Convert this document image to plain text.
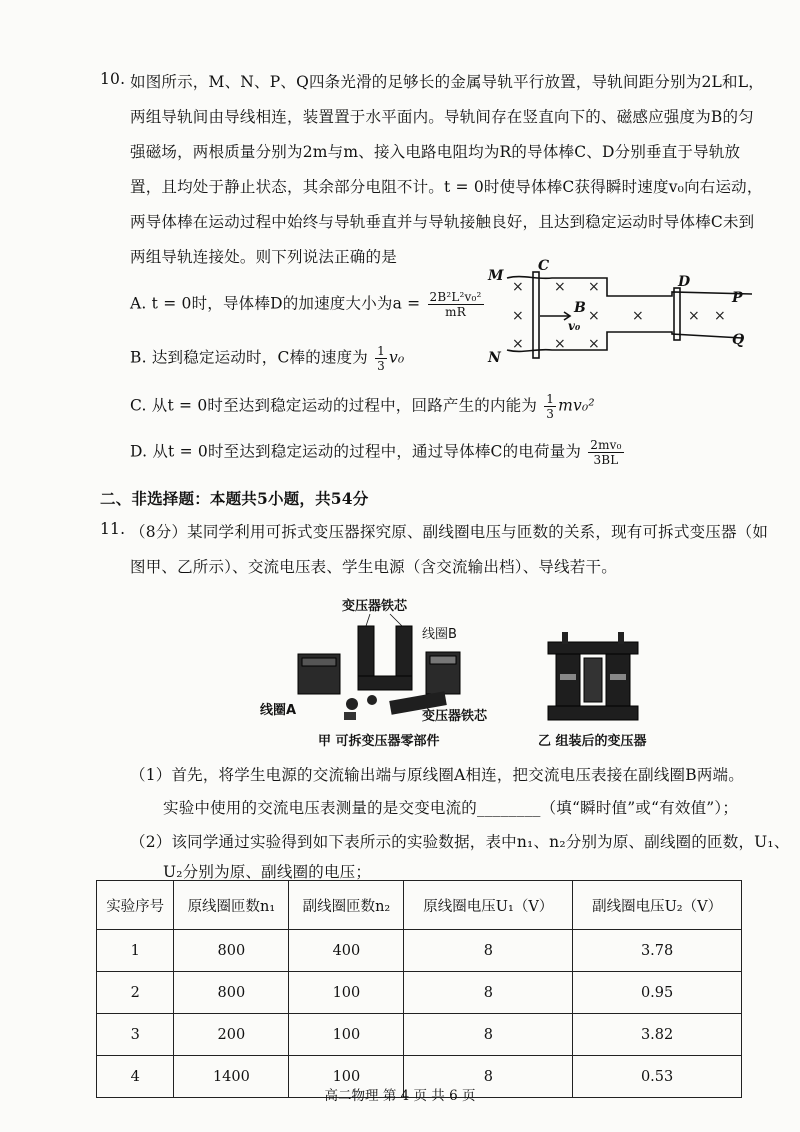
10. 如图所示，M、N、P、Q四条光滑的足够长的金属导轨平行放置，导轨间距分别为2L和L，
两组导轨间由导线相连，装置置于水平面内。导轨间存在竖直向下的、磁感应强度为B的匀
强磁场，两根质量分别为2m与m、接入电路电阻均为R的导体棒C、D分别垂直于导轨放
置，且均处于静止状态，其余部分电阻不计。t = 0时使导体棒C获得瞬时速度v₀向右运动，
两导体棒在运动过程中始终与导轨垂直并与导轨接触良好，且达到稳定运动时导体棒C未到
两组导轨连接处。则下列说法正确的是
A. t = 0时，导体棒D的加速度大小为$a = \frac{\text{2B²L²v₀²}}{mR}$
B. 达到稳定运动时，C棒的速度为 $\frac{1}{3} v_0$
C. 从t = 0时至达到稳定运动的过程中，回路产生的内能为 $\frac{1}{3} mv_0^2$
D. 从t = 0时至达到稳定运动的过程中，通过导体棒C的电荷量为 $\frac{\text{2mv₀}}{3BL}$
M
N
C
B
v₀
D
P
Q
×
×
×
×
×
×
×
×
×	× ×
二、非选择题：本题共5小题，共54分
11. （8分）某同学利用可拆式变压器探究原、副线圈电压与匝数的关系，现有可拆式变压器（如
图甲、乙所示）、交流电压表、学生电源（含交流输出档）、导线若干。
变压器铁芯
线圈B
线圈A	变压器铁芯
甲 可拆变压器零部件	乙 组装后的变压器
（1）首先，将学生电源的交流输出端与原线圈A相连，把交流电压表接在副线圈B两端。
实验中使用的交流电压表测量的是交变电流的________（填“瞬时值”或“有效值”）；
（2）该同学通过实验得到如下表所示的实验数据，表中n₁、n₂分别为原、副线圈的匝数，U₁、
U₂分别为原、副线圈的电压；
实验序号	原线圈匝数n₁	副线圈匝数n₂	原线圈电压U₁（V）	副线圈电压U₂（V）
1	800	400	8	3.78
2	800	100	8	0.95
3	200	100	8	3.82
4	1400	100	8	0.53
高二物理 第 4 页 共 6 页
